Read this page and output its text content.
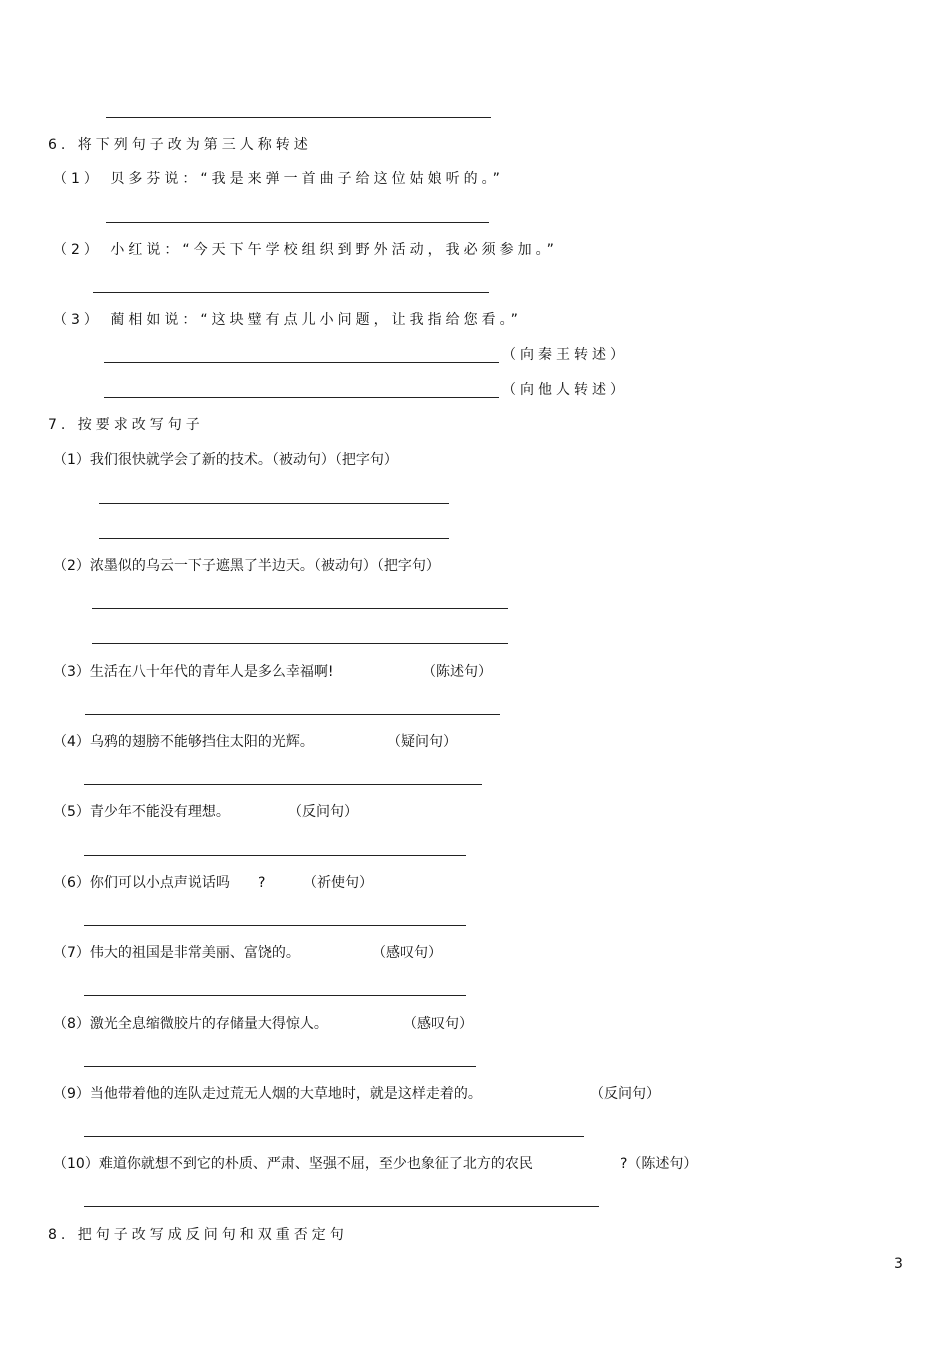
6. 将下列句子改为第三人称转述
（1） 贝多芬说：“我是来弹一首曲子给这位姑娘听的。”
（2） 小红说：“今天下午学校组织到野外活动，我必须参加。”
（3） 蔺相如说：“这块璧有点儿小问题，让我指给您看。”
（向秦王转述）
（向他人转述）
7. 按要求改写句子
（1）我们很快就学会了新的技术。（被动句）（把字句）
（2）浓墨似的乌云一下子遮黑了半边天。（被动句）（把字句）
（3）生活在八十年代的青年人是多么幸福啊!	（陈述句）
（4）乌鸦的翅膀不能够挡住太阳的光辉。	（疑问句）
（5）青少年不能没有理想。	（反问句）
（6）你们可以小点声说话吗 ?	（祈使句）
（7）伟大的祖国是非常美丽、富饶的。	（感叹句）
（8）激光全息缩微胶片的存储量大得惊人。	（感叹句）
（9）当他带着他的连队走过荒无人烟的大草地时，就是这样走着的。	（反问句）
（10）难道你就想不到它的朴质、严肃、坚强不屈，至少也象征了北方的农民	?（陈述句）
8. 把句子改写成反问句和双重否定句
3
